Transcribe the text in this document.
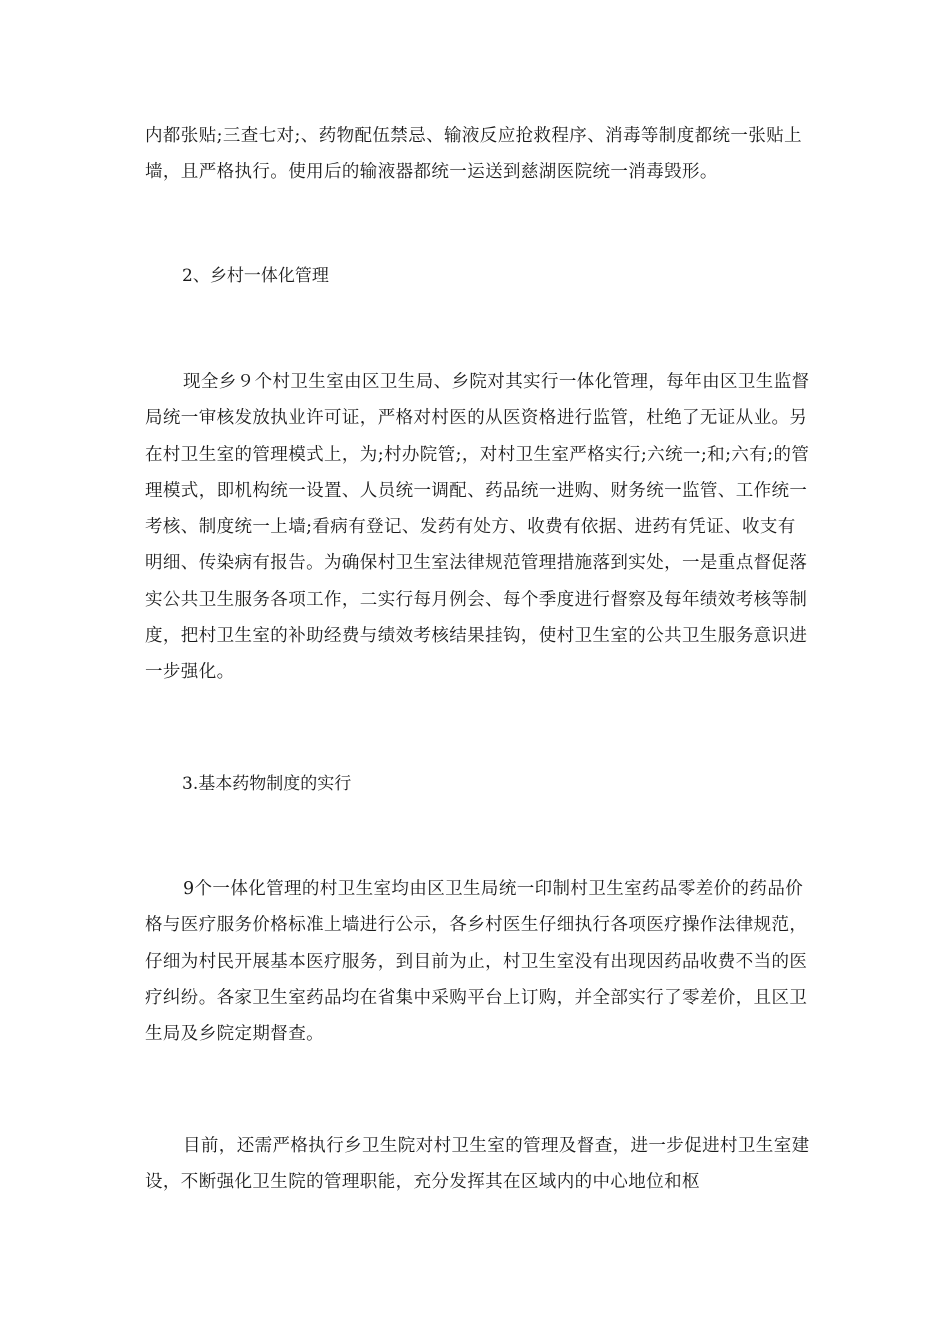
内都张贴;三查七对;、药物配伍禁忌、输液反应抢救程序、消毒等制度都统一张贴上墙，且严格执行。使用后的输液器都统一运送到慈湖医院统一消毒毁形。

2、乡村一体化管理

现全乡９个村卫生室由区卫生局、乡院对其实行一体化管理，每年由区卫生监督局统一审核发放执业许可证，严格对村医的从医资格进行监管，杜绝了无证从业。另在村卫生室的管理模式上，为;村办院管;，对村卫生室严格实行;六统一;和;六有;的管理模式，即机构统一设置、人员统一调配、药品统一进购、财务统一监管、工作统一考核、制度统一上墙;看病有登记、发药有处方、收费有依据、进药有凭证、收支有明细、传染病有报告。为确保村卫生室法律规范管理措施落到实处，一是重点督促落实公共卫生服务各项工作，二实行每月例会、每个季度进行督察及每年绩效考核等制度，把村卫生室的补助经费与绩效考核结果挂钩，使村卫生室的公共卫生服务意识进一步强化。

3.基本药物制度的实行

9个一体化管理的村卫生室均由区卫生局统一印制村卫生室药品零差价的药品价格与医疗服务价格标准上墙进行公示，各乡村医生仔细执行各项医疗操作法律规范，仔细为村民开展基本医疗服务，到目前为止，村卫生室没有出现因药品收费不当的医疗纠纷。各家卫生室药品均在省集中采购平台上订购，并全部实行了零差价，且区卫生局及乡院定期督查。

目前，还需严格执行乡卫生院对村卫生室的管理及督查，进一步促进村卫生室建设，不断强化卫生院的管理职能，充分发挥其在区域内的中心地位和枢
